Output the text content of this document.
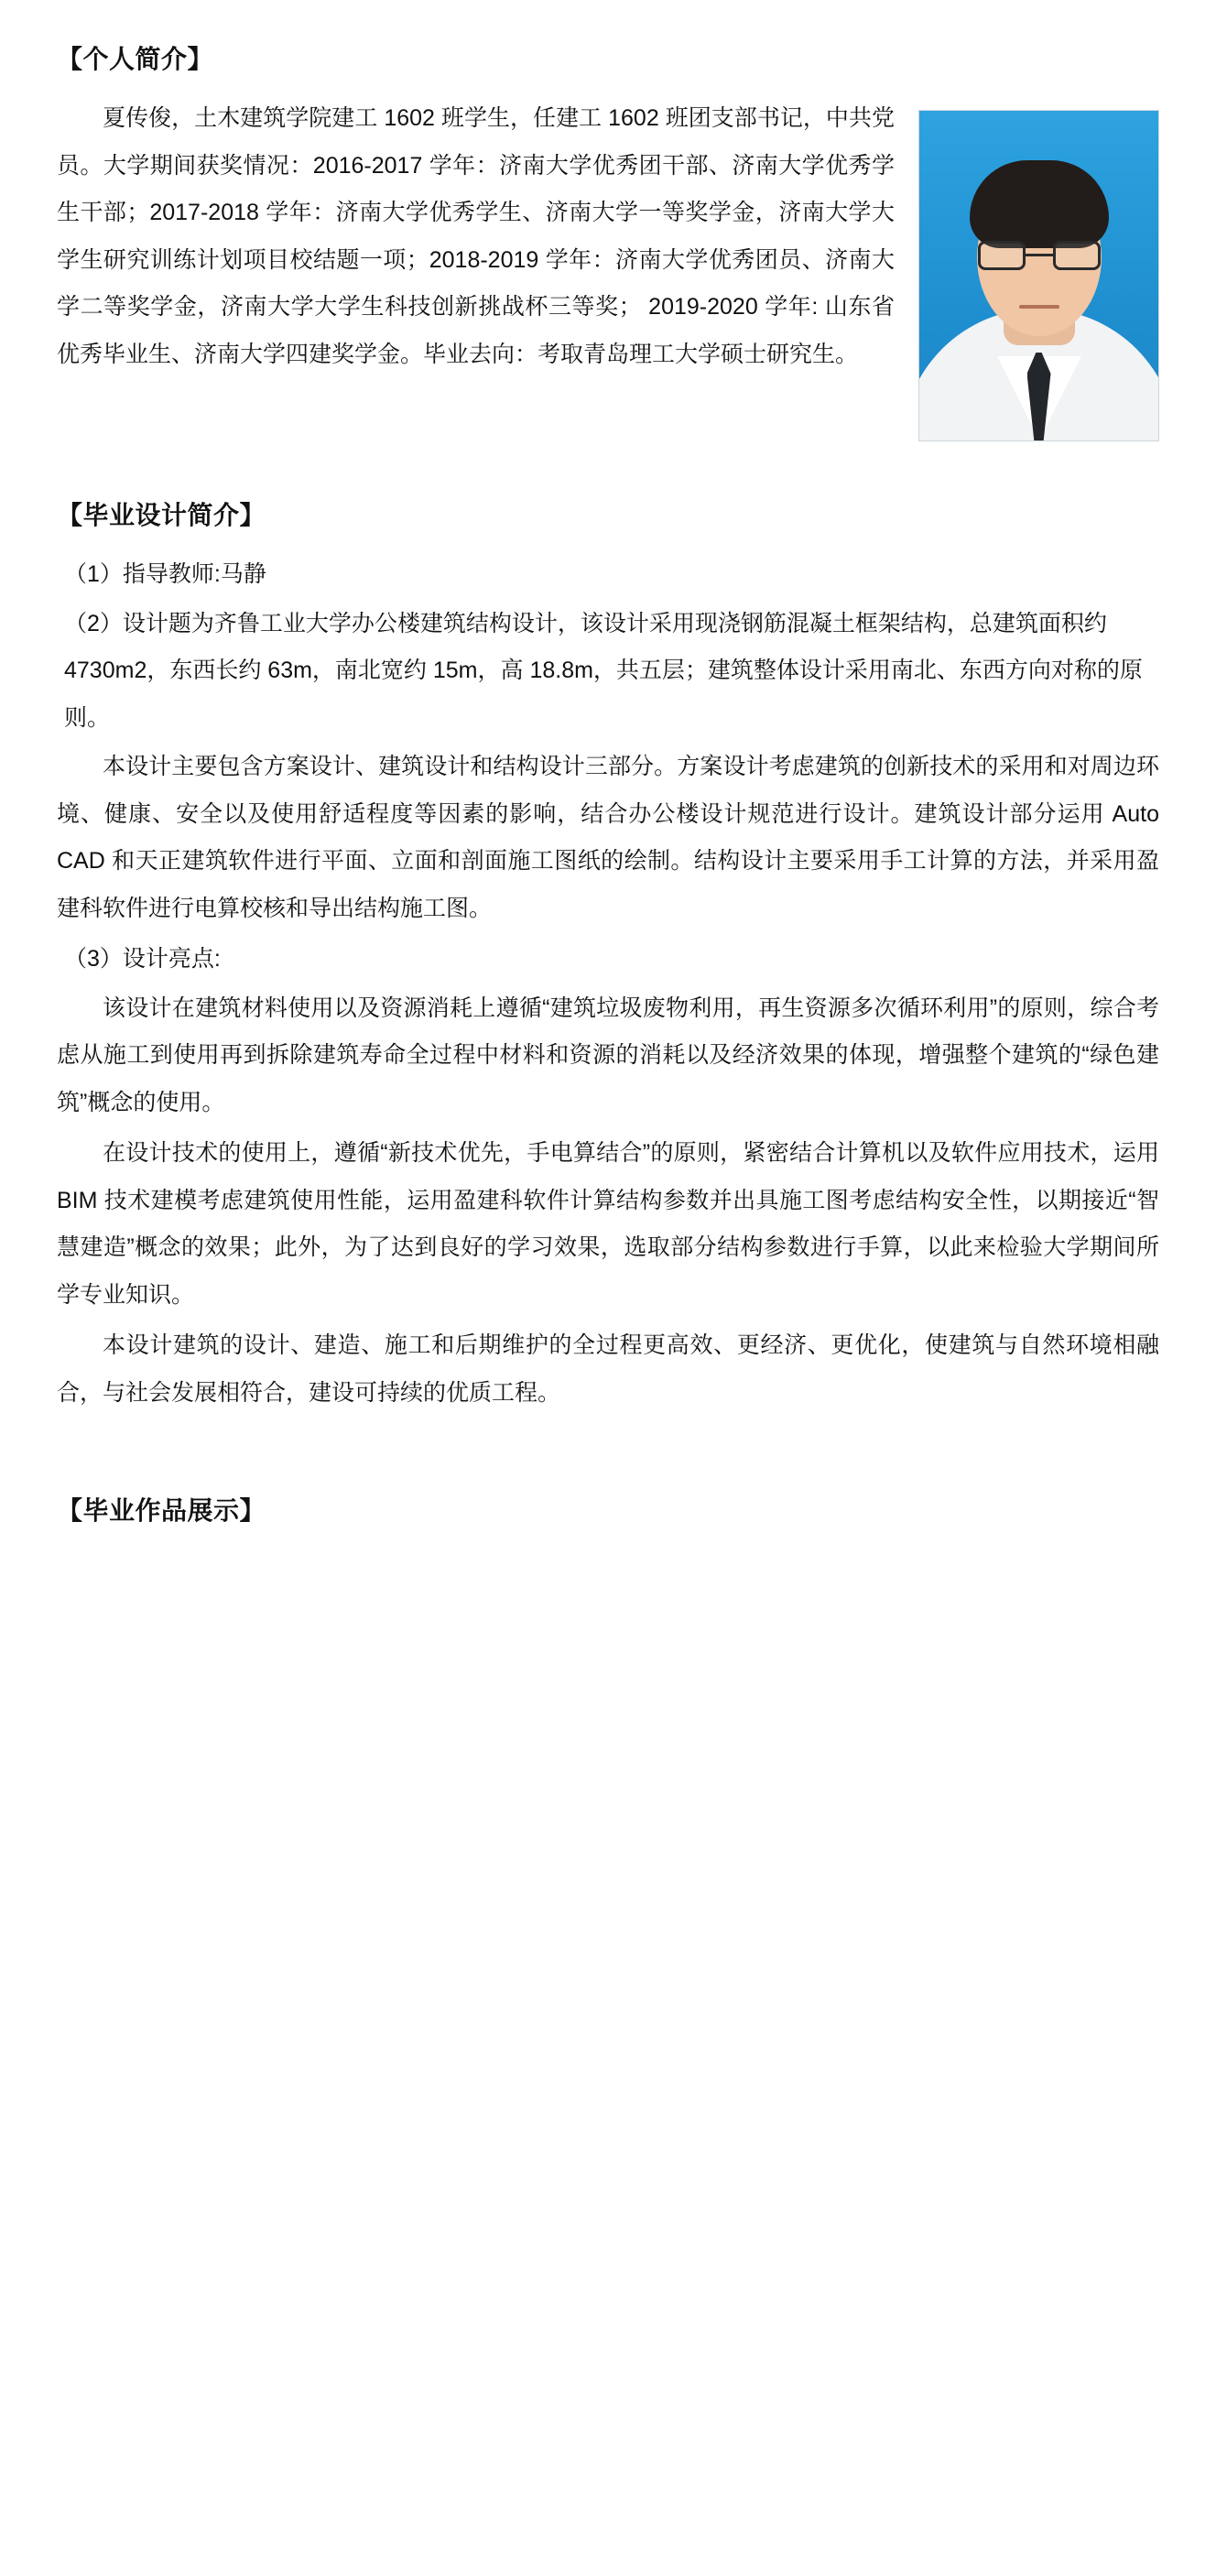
【个人简介】

夏传俊，土木建筑学院建工 1602 班学生，任建工 1602 班团支部书记，中共党员。大学期间获奖情况：2016-2017 学年：济南大学优秀团干部、济南大学优秀学生干部；2017-2018 学年：济南大学优秀学生、济南大学一等奖学金，济南大学大学生研究训练计划项目校结题一项；2018-2019 学年：济南大学优秀团员、济南大学二等奖学金，济南大学大学生科技创新挑战杯三等奖； 2019-2020 学年: 山东省优秀毕业生、济南大学四建奖学金。毕业去向：考取青岛理工大学硕士研究生。

【毕业设计简介】

（1）指导教师:马静

（2）设计题为齐鲁工业大学办公楼建筑结构设计，该设计采用现浇钢筋混凝土框架结构，总建筑面积约 4730m2，东西长约 63m，南北宽约 15m，高 18.8m，共五层；建筑整体设计采用南北、东西方向对称的原则。

本设计主要包含方案设计、建筑设计和结构设计三部分。方案设计考虑建筑的创新技术的采用和对周边环境、健康、安全以及使用舒适程度等因素的影响，结合办公楼设计规范进行设计。建筑设计部分运用 Auto CAD 和天正建筑软件进行平面、立面和剖面施工图纸的绘制。结构设计主要采用手工计算的方法，并采用盈建科软件进行电算校核和导出结构施工图。

（3）设计亮点:

该设计在建筑材料使用以及资源消耗上遵循“建筑垃圾废物利用，再生资源多次循环利用”的原则，综合考虑从施工到使用再到拆除建筑寿命全过程中材料和资源的消耗以及经济效果的体现，增强整个建筑的“绿色建筑”概念的使用。

在设计技术的使用上，遵循“新技术优先，手电算结合”的原则，紧密结合计算机以及软件应用技术，运用 BIM 技术建模考虑建筑使用性能，运用盈建科软件计算结构参数并出具施工图考虑结构安全性，以期接近“智慧建造”概念的效果；此外，为了达到良好的学习效果，选取部分结构参数进行手算，以此来检验大学期间所学专业知识。

本设计建筑的设计、建造、施工和后期维护的全过程更高效、更经济、更优化，使建筑与自然环境相融合，与社会发展相符合，建设可持续的优质工程。

【毕业作品展示】
